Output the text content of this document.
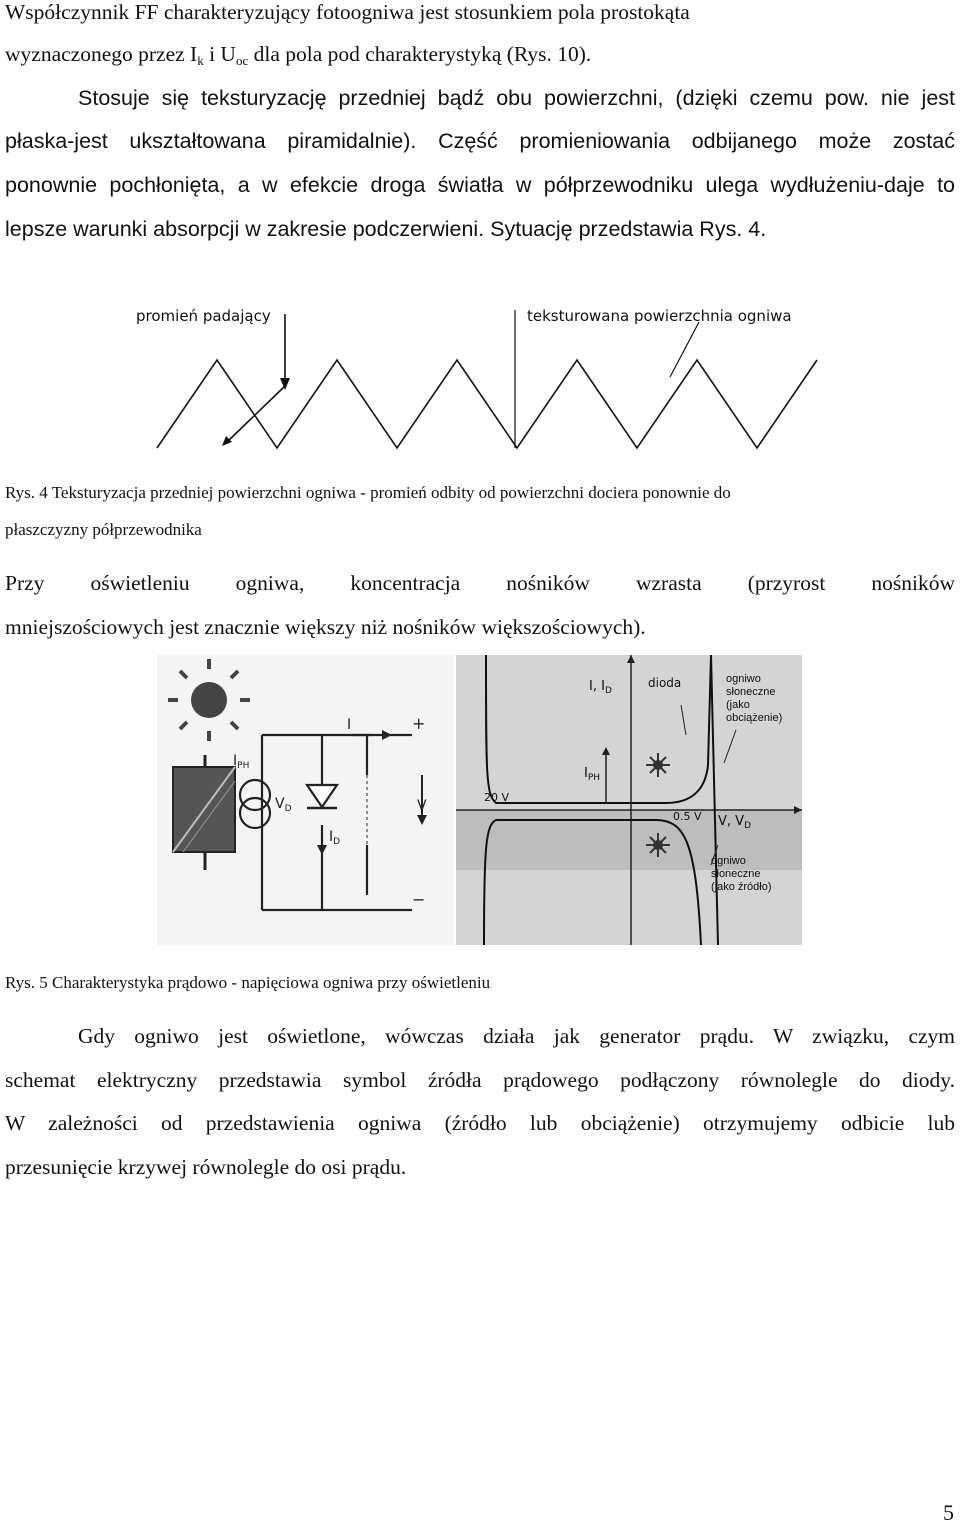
Współczynnik FF charakteryzujący fotoogniwa jest stosunkiem pola prostokąta
wyznaczonego przez $I_k$ i $U_{oc}$ dla pola pod charakterystyką (Rys. 10).
Stosuje się teksturyzację przedniej bądź obu powierzchni, (dzięki czemu pow. nie jest
płaska-jest ukształtowana piramidalnie). Część promieniowania odbijanego może zostać
ponownie pochłonięta, a w efekcie droga światła w półprzewodniku ulega wydłużeniu-daje to
lepsze warunki absorpcji w zakresie podczerwieni. Sytuację przedstawia Rys. 4.
promień padający	teksturowana powierzchnia ogniwa
Rys. 4 Teksturyzacja przedniej powierzchni ogniwa - promień odbity od powierzchni dociera ponownie do
płaszczyzny półprzewodnika
Przy oświetleniu ogniwa, koncentracja nośników wzrasta (przyrost nośników
mniejszościowych jest znacznie większy niż nośników większościowych).
I	+
−
$I_{PH}$
$V_D$
$I_D$
V
I, $I_D$
dioda
$I_{PH}$
20 V
0.5 V V, $V_D$
ogniwo
słoneczne
(jako
obciążenie)
ogniwo
słoneczne
(jako źródło)
Rys. 5 Charakterystyka prądowo - napięciowa ogniwa przy oświetleniu
Gdy ogniwo jest oświetlone, wówczas działa jak generator prądu. W związku, czym
schemat elektryczny przedstawia symbol źródła prądowego podłączony równolegle do diody.
W zależności od przedstawienia ogniwa (źródło lub obciążenie) otrzymujemy odbicie lub
przesunięcie krzywej równolegle do osi prądu.
5
